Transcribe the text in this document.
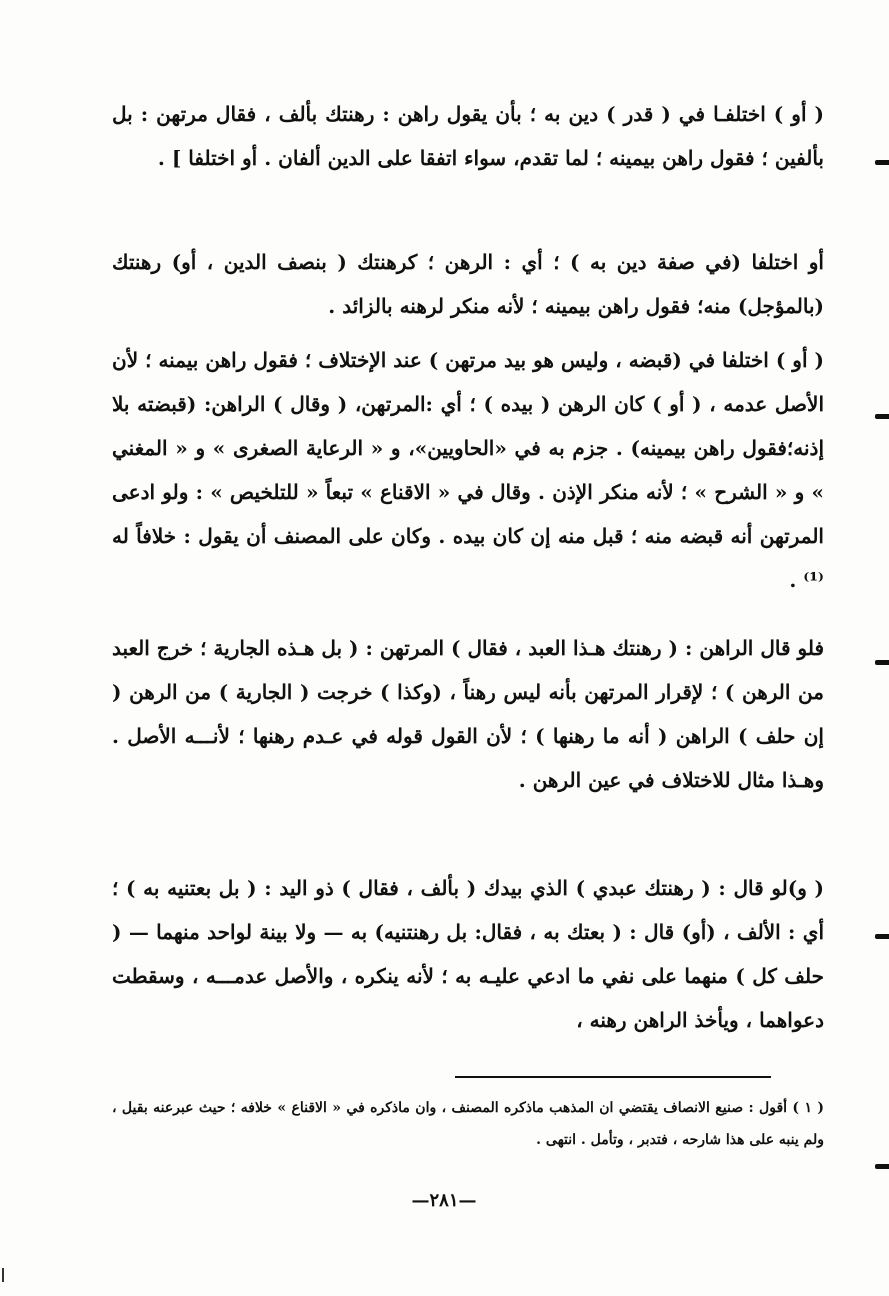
( أو ) اختلفـا في ( قدر ) دين به ؛ بأن يقول راهن : رهنتك بألف ، فقال مرتهن : بل بألفين ؛ فقول راهن بيمينه ؛ لما تقدم، سواء اتفقا على الدين ألفان . أو اختلفا ] .

أو اختلفا (في صفة دين به ) ؛ أي : الرهن ؛ كرهنتك ( بنصف الدين ، أو) رهنتك (بالمؤجل) منه؛ فقول راهن بيمينه ؛ لأنه منكر لرهنه بالزائد .

( أو ) اختلفا في (قبضه ، وليس هو بيد مرتهن ) عند الإختلاف ؛ فقول راهن بيمنه ؛ لأن الأصل عدمه ، ( أو ) كان الرهن ( بيده ) ؛ أي :المرتهن، ( وقال ) الراهن: (قبضته بلا إذنه؛فقول راهن بيمينه) . جزم به في «الحاويين»، و « الرعاية الصغرى » و « المغني » و « الشرح » ؛ لأنه منكر الإذن . وقال في « الاقناع » تبعاً « للتلخيص » : ولو ادعى المرتهن أنه قبضه منه ؛ قبل منه إن كان بيده . وكان على المصنف أن يقول : خلافاً له ⁽¹⁾ .

فلو قال الراهن : ( رهنتك هـذا العبد ، فقال ) المرتهن : ( بل هـذه الجارية ؛ خرج العبد من الرهن ) ؛ لإقرار المرتهن بأنه ليس رهناً ، (وكذا ) خرجت ( الجارية ) من الرهن ( إن حلف ) الراهن ( أنه ما رهنها ) ؛ لأن القول قوله في عـدم رهنها ؛ لأنـــه الأصل . وهـذا مثال للاختلاف في عين الرهن .

( و)لو قال : ( رهنتك عبدي ) الذي بيدك ( بألف ، فقال ) ذو اليد : ( بل بعتنيه به ) ؛ أي : الألف ، (أو) قال : ( بعتك به ، فقال: بل رهنتنيه) به — ولا بينة لواحد منهما — ( حلف كل ) منهما على نفي ما ادعي عليـه به ؛ لأنه ينكره ، والأصل عدمـــه ، وسقطت دعواهما ، ويأخذ الراهن رهنه ،

( ١ ) أقول : صنيع الانصاف يقتضي ان المذهب ماذكره المصنف ، وان ماذكره في « الاقناع » خلافه ؛ حيث عبرعنه بقيل ، ولم ينبه على هذا شارحه ، فتدبر ، وتأمل . انتهى .
—٢٨١—
